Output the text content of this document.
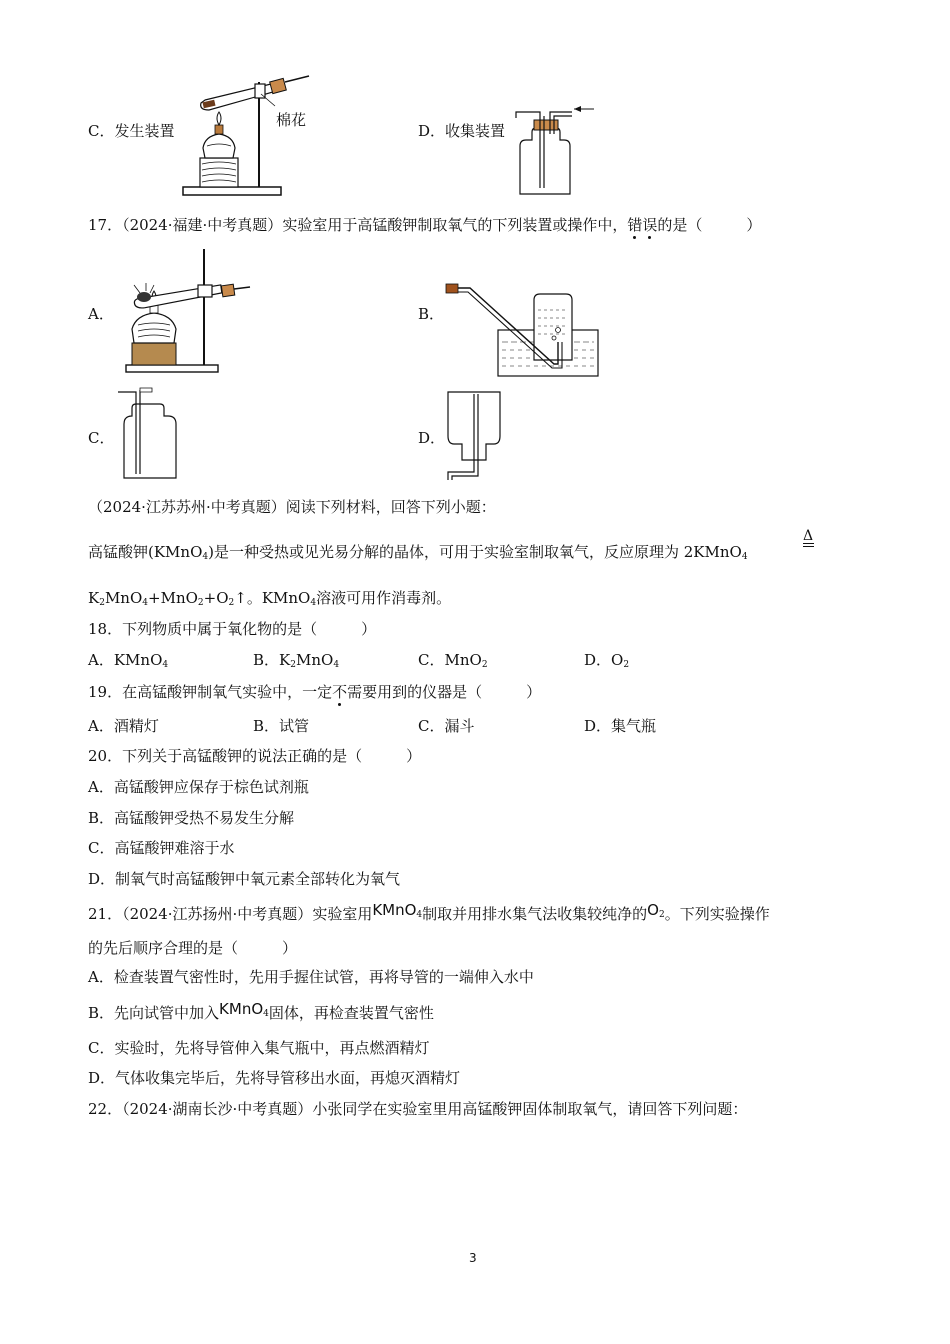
C．发生装置
棉花
D．收集装置
17．（2024·福建·中考真题）实验室用于高锰酸钾制取氧气的下列装置或操作中，错误的是（	）
A．	B．
C．	D．
（2024·江苏苏州·中考真题）阅读下列材料，回答下列小题：
高锰酸钾(KMnO$_4$)是一种受热或见光易分解的晶体，可用于实验室制取氧气，反应原理为 2KMnO$_4$
Δ
$K_2MnO_4+MnO_2+O_2↑$。KMnO$_4$溶液可用作消毒剂。
18．下列物质中属于氧化物的是（	）
A．KMnO$_4$	B．$K_2MnO_4$	C．MnO$_2$	D．$O_2$
19．在高锰酸钾制氧气实验中，一定不需要用到的仪器是（	）
A．酒精灯	B．试管	C．漏斗	D．集气瓶
20．下列关于高锰酸钾的说法正确的是（	）
A．高锰酸钾应保存于棕色试剂瓶
B．高锰酸钾受热不易发生分解
C．高锰酸钾难溶于水
D．制氧气时高锰酸钾中氧元素全部转化为氧气
21．（2024·江苏扬州·中考真题）实验室用KMnO$_4$制取并用排水集气法收集较纯净的$O_2$。下列实验操作
的先后顺序合理的是（	）
A．检查装置气密性时，先用手握住试管，再将导管的一端伸入水中
B．先向试管中加入KMnO$_4$固体，再检查装置气密性
C．实验时，先将导管伸入集气瓶中，再点燃酒精灯
D．气体收集完毕后，先将导管移出水面，再熄灭酒精灯
22．（2024·湖南长沙·中考真题）小张同学在实验室里用高锰酸钾固体制取氧气，请回答下列问题：
3
